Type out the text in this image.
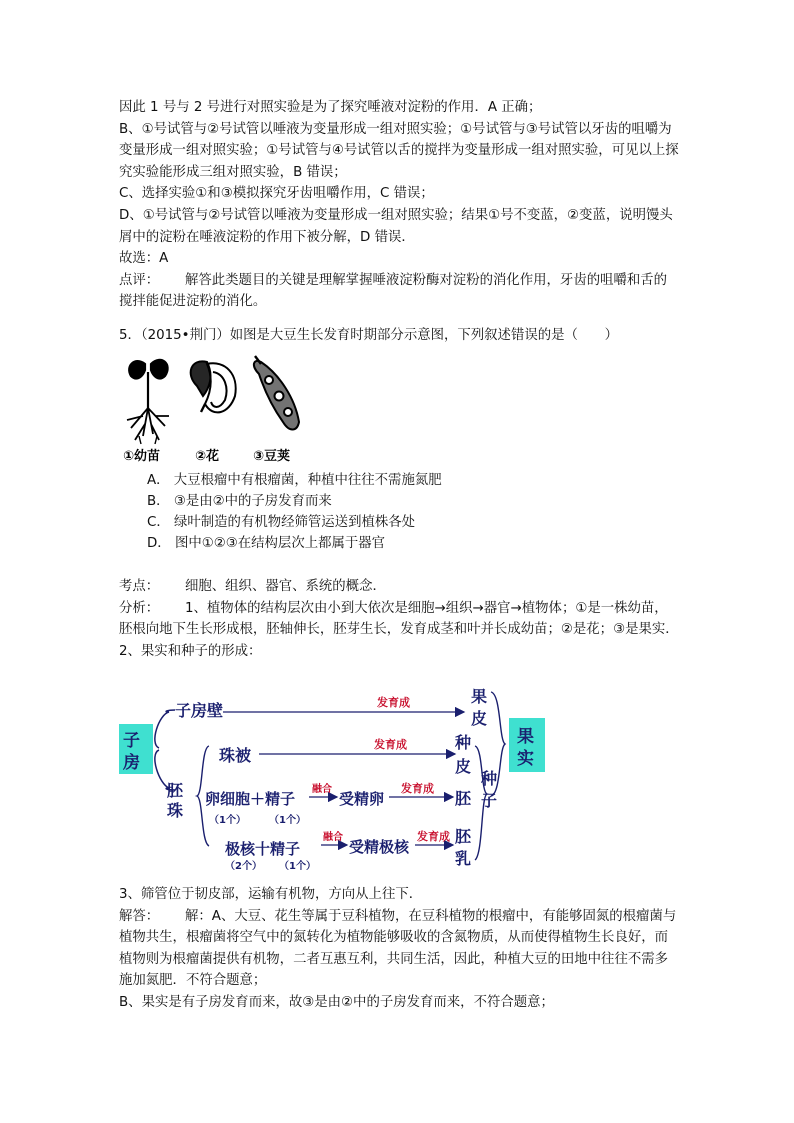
因此 1 号与 2 号进行对照实验是为了探究唾液对淀粉的作用．A 正确；

B、①号试管与②号试管以唾液为变量形成一组对照实验；①号试管与③号试管以牙齿的咀嚼为变量形成一组对照实验；①号试管与④号试管以舌的搅拌为变量形成一组对照实验，可见以上探究实验能形成三组对照实验，B 错误；

C、选择实验①和③模拟探究牙齿咀嚼作用，C 错误；

D、①号试管与②号试管以唾液为变量形成一组对照实验；结果①号不变蓝，②变蓝，说明馒头屑中的淀粉在唾液淀粉的作用下被分解，D 错误．

故选：A

点评： 解答此类题目的关键是理解掌握唾液淀粉酶对淀粉的消化作用，牙齿的咀嚼和舌的搅拌能促进淀粉的消化。

5．（2015•荆门）如图是大豆生长发育时期部分示意图，下列叙述错误的是（　　）

①幼苗	②花	③豆荚
A． 大豆根瘤中有根瘤菌，种植中往往不需施氮肥
B． ③是由②中的子房发育而来
C． 绿叶制造的有机物经筛管运送到植株各处
D． 图中①②③在结构层次上都属于器官

考点： 细胞、组织、器官、系统的概念．

分析： 1、植物体的结构层次由小到大依次是细胞→组织→器官→植物体；①是一株幼苗，胚根向地下生长形成根，胚轴伸长，胚芽生长，发育成茎和叶并长成幼苗；②是花；③是果实．

2、果实和种子的形成：

子
房
子房壁	发育成
胚
珠
珠被
发育成
卵细胞＋精子
（1个） （1个）
融合
受精卵
发育成
极核十精子
（2个） （1个）
融合
受精极核
发育成
果
皮
种
皮
胚
胚
乳
种
子
果
实

3、筛管位于韧皮部，运输有机物，方向从上往下．

解答： 解：A、大豆、花生等属于豆科植物，在豆科植物的根瘤中，有能够固氮的根瘤菌与植物共生，根瘤菌将空气中的氮转化为植物能够吸收的含氮物质，从而使得植物生长良好，而植物则为根瘤菌提供有机物，二者互惠互利，共同生活，因此，种植大豆的田地中往往不需多施加氮肥．不符合题意；

B、果实是有子房发育而来，故③是由②中的子房发育而来，不符合题意；
